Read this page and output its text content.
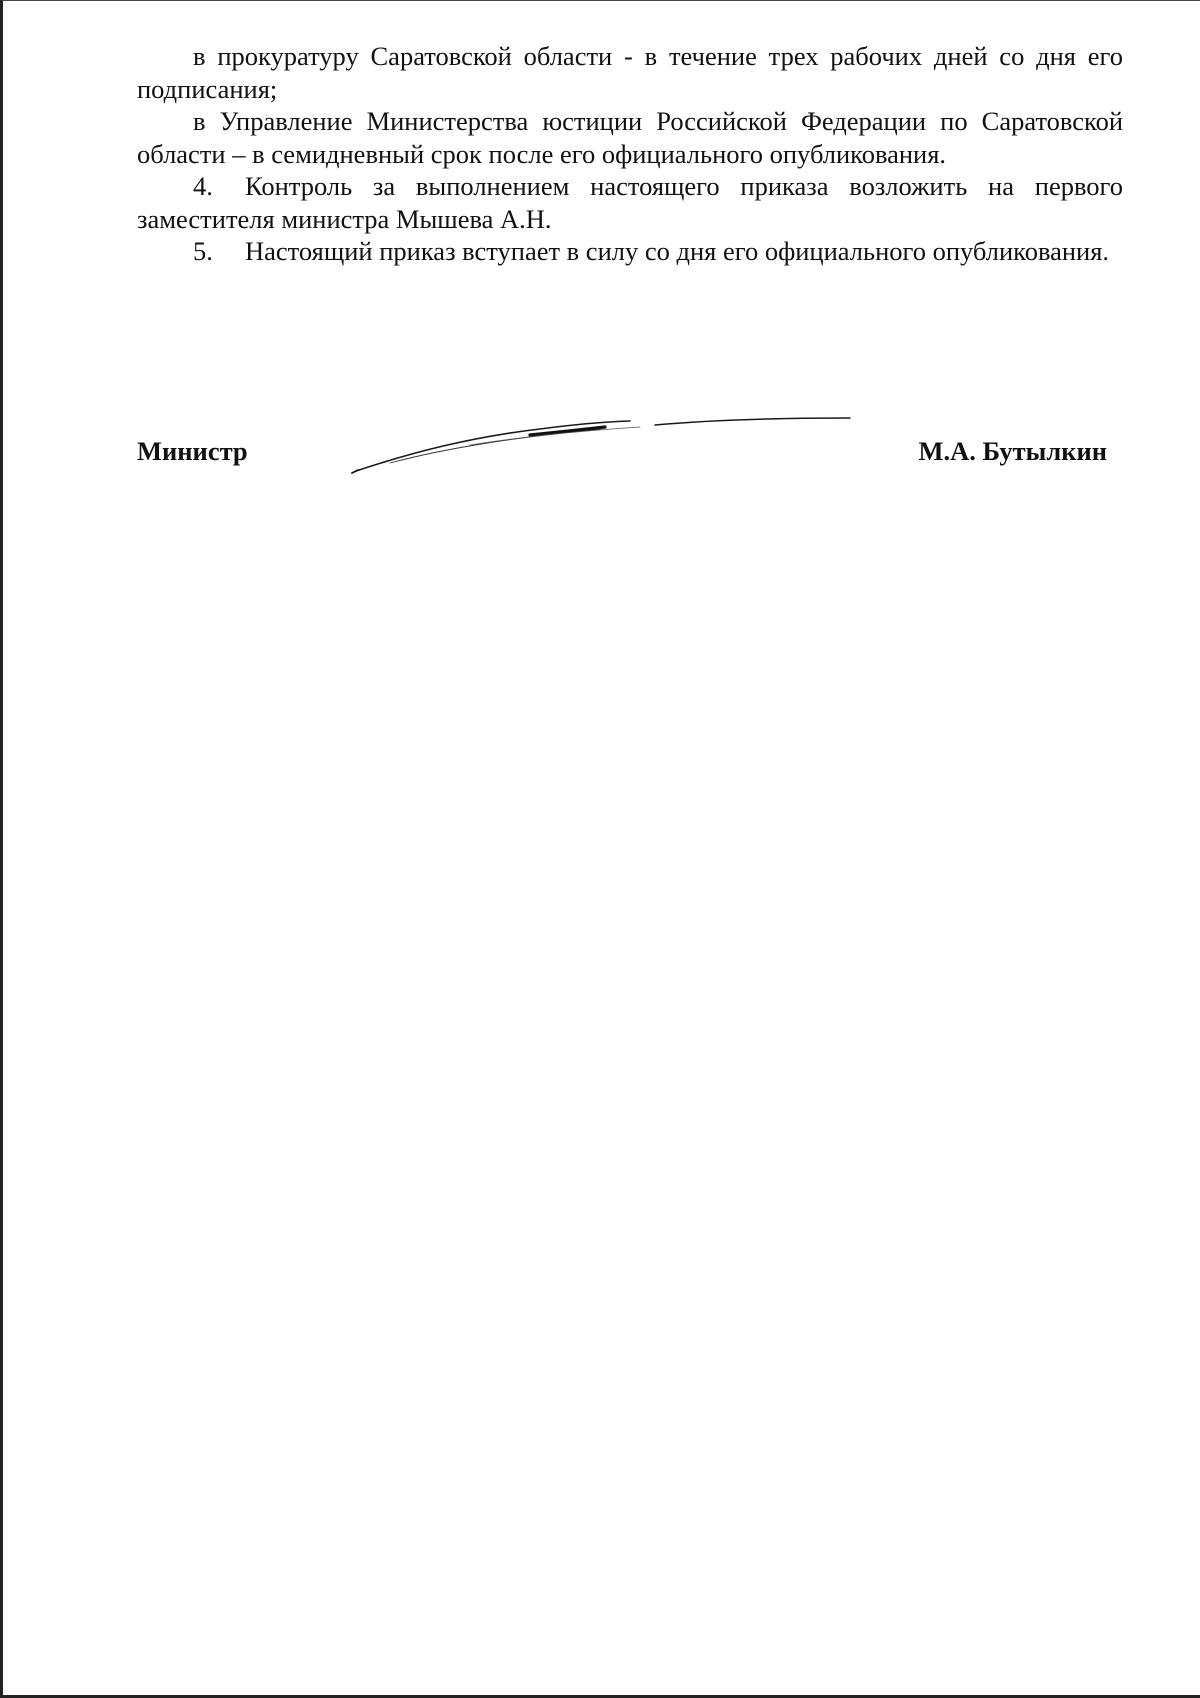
в прокуратуру Саратовской области - в течение трех рабочих дней со дня его подписания;

в Управление Министерства юстиции Российской Федерации по Саратовской области – в семидневный срок после его официального опубликования.

4. Контроль за выполнением настоящего приказа возложить на первого заместителя министра Мышева А.Н.

5. Настоящий приказ вступает в силу со дня его официального опубликования.

Министр	М.А. Бутылкин
